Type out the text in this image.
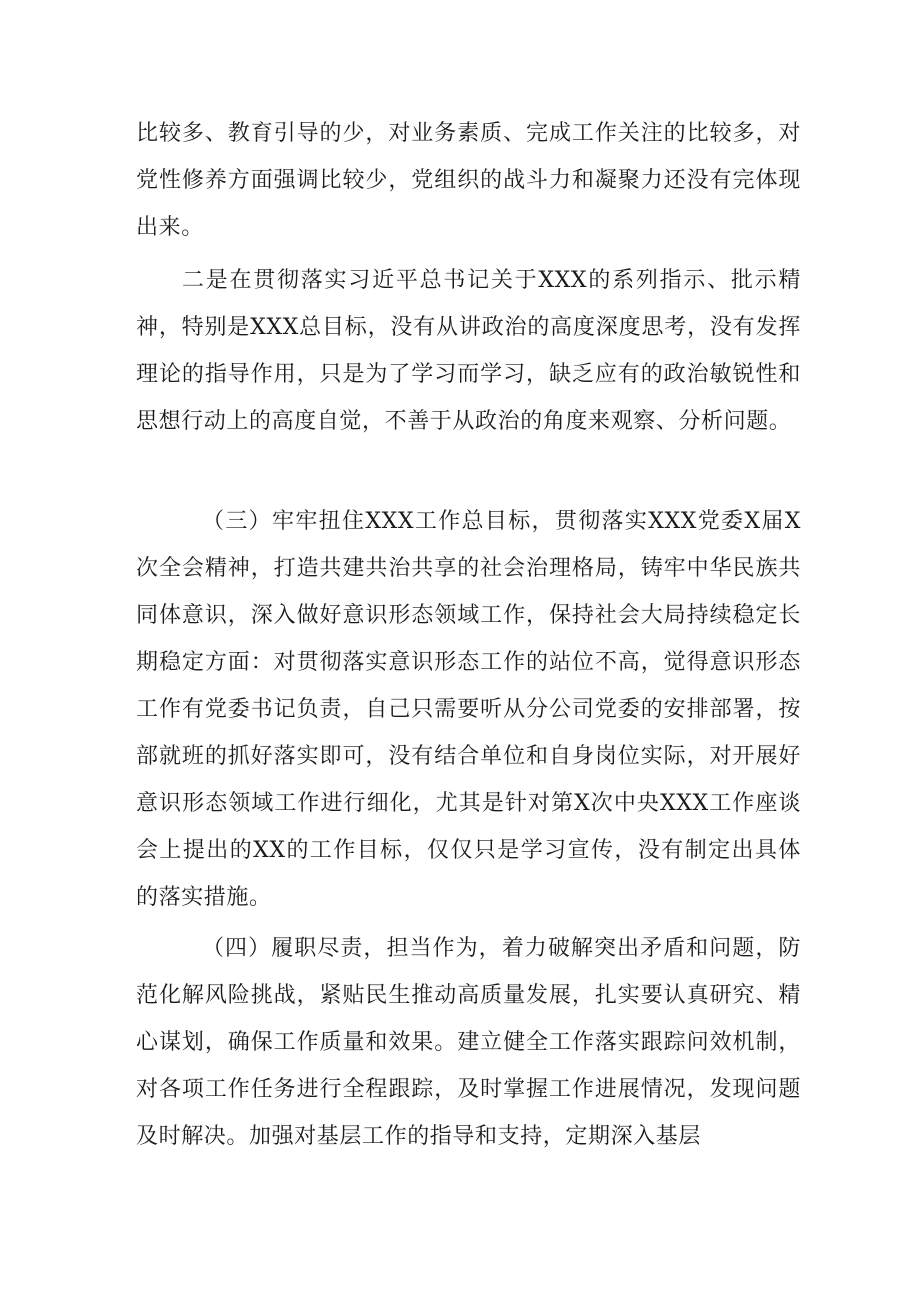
比较多、教育引导的少，对业务素质、完成工作关注的比较多，对党性修养方面强调比较少，党组织的战斗力和凝聚力还没有完体现出来。

二是在贯彻落实习近平总书记关于XXX的系列指示、批示精神，特别是XXX总目标，没有从讲政治的高度深度思考，没有发挥理论的指导作用，只是为了学习而学习，缺乏应有的政治敏锐性和思想行动上的高度自觉，不善于从政治的角度来观察、分析问题。

（三）牢牢扭住XXX工作总目标，贯彻落实XXX党委X届X次全会精神，打造共建共治共享的社会治理格局，铸牢中华民族共同体意识，深入做好意识形态领域工作，保持社会大局持续稳定长期稳定方面：对贯彻落实意识形态工作的站位不高，觉得意识形态工作有党委书记负责，自己只需要听从分公司党委的安排部署，按部就班的抓好落实即可，没有结合单位和自身岗位实际，对开展好意识形态领域工作进行细化，尤其是针对第X次中央XXX工作座谈会上提出的XX的工作目标，仅仅只是学习宣传，没有制定出具体的落实措施。

（四）履职尽责，担当作为，着力破解突出矛盾和问题，防范化解风险挑战，紧贴民生推动高质量发展，扎实要认真研究、精心谋划，确保工作质量和效果。建立健全工作落实跟踪问效机制，对各项工作任务进行全程跟踪，及时掌握工作进展情况，发现问题及时解决。加强对基层工作的指导和支持，定期深入基层
